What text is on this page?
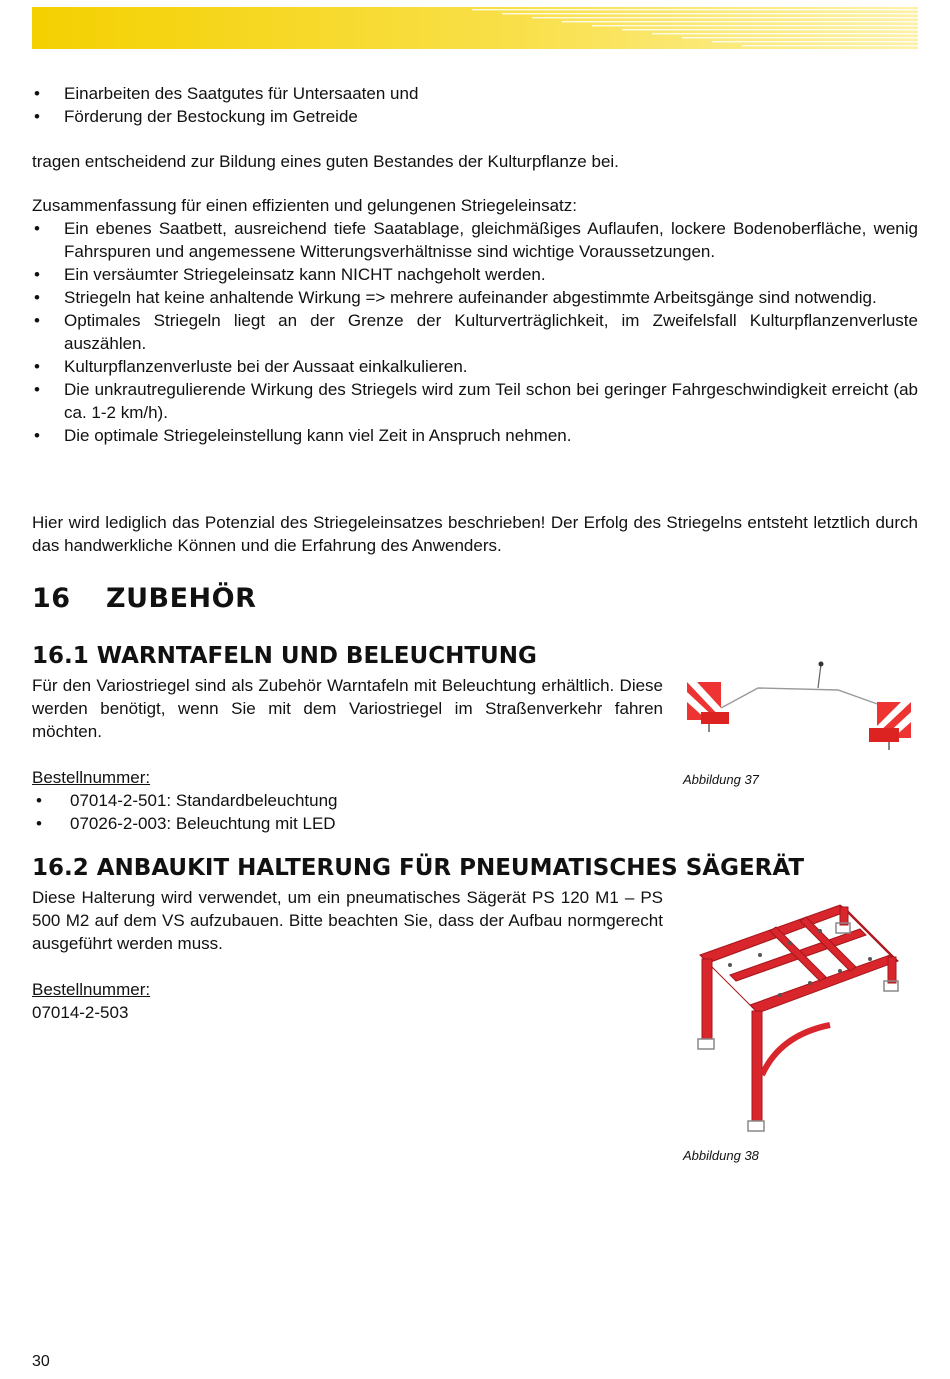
• Einarbeiten des Saatgutes für Untersaaten und
• Förderung der Bestockung im Getreide

tragen entscheidend zur Bildung eines guten Bestandes der Kulturpflanze bei.

Zusammenfassung für einen effizienten und gelungenen Striegeleinsatz:

• Ein ebenes Saatbett, ausreichend tiefe Saatablage, gleichmäßiges Auflaufen, lockere Bodenoberfläche, wenig Fahrspuren und angemessene Witterungsverhältnisse sind wichtige Voraussetzungen.
• Ein versäumter Striegeleinsatz kann NICHT nachgeholt werden.
• Striegeln hat keine anhaltende Wirkung => mehrere aufeinander abgestimmte Arbeitsgänge sind notwendig.
• Optimales Striegeln liegt an der Grenze der Kulturverträglichkeit, im Zweifelsfall Kulturpflanzenverluste auszählen.
• Kulturpflanzenverluste bei der Aussaat einkalkulieren.
• Die unkrautregulierende Wirkung des Striegels wird zum Teil schon bei geringer Fahrgeschwindigkeit erreicht (ab ca. 1-2 km/h).
• Die optimale Striegeleinstellung kann viel Zeit in Anspruch nehmen.

Hier wird lediglich das Potenzial des Striegeleinsatzes beschrieben! Der Erfolg des Striegelns entsteht letztlich durch das handwerkliche Können und die Erfahrung des Anwenders.

16 ZUBEHÖR
16.1 WARNTAFELN UND BELEUCHTUNG

Für den Variostriegel sind als Zubehör Warntafeln mit Beleuchtung erhältlich. Diese werden benötigt, wenn Sie mit dem Variostriegel im Straßenverkehr fahren möchten.

Bestellnummer:

• 07014-2-501: Standardbeleuchtung
• 07026-2-003: Beleuchtung mit LED
Abbildung 37
16.2 ANBAUKIT HALTERUNG FÜR PNEUMATISCHES SÄGERÄT

Diese Halterung wird verwendet, um ein pneumatisches Sägerät PS 120 M1 – PS 500 M2 auf dem VS aufzubauen. Bitte beachten Sie, dass der Aufbau normgerecht ausgeführt werden muss.

Bestellnummer:

07014-2-503

Abbildung 38
30
